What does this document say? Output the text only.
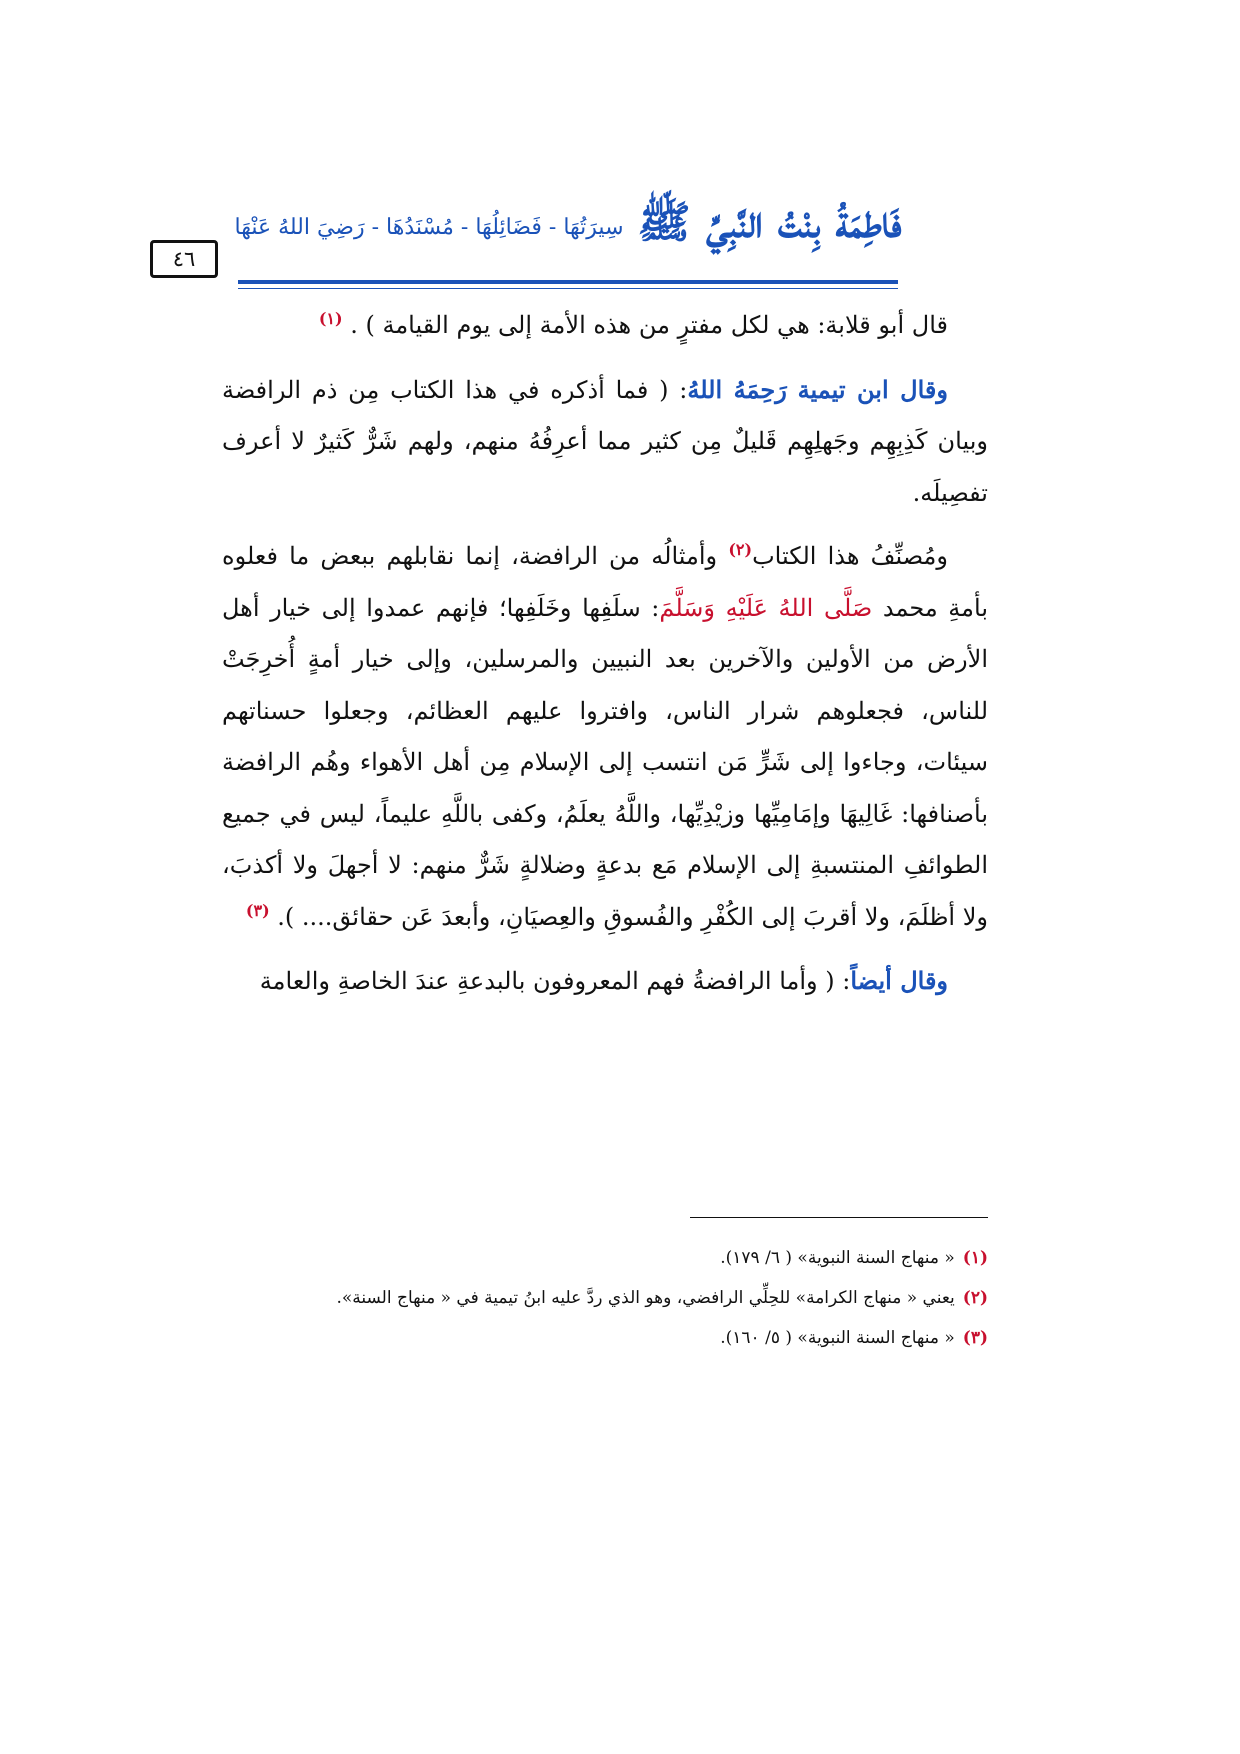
٤٦
فَاطِمَةُ بِنْتُ النَّبِيِّ ﷺ
سِيرَتُهَا - فَضَائِلُهَا - مُسْنَدُهَا - رَضِيَ اللهُ عَنْهَا

قال أبو قلابة: هي لكل مفترٍ من هذه الأمة إلى يوم القيامة ) . $^{(١)}$

وقال ابن تيمية رَحِمَهُ اللهُ: ( فما أذكره في هذا الكتاب مِن ذم الرافضة وبيان كَذِبِهِم وجَهلِهِم قَليلٌ مِن كثير مما أعرِفُهُ منهم، ولهم شَرٌّ كَثيرٌ لا أعرف تفصِيلَه.

ومُصنِّفُ هذا الكتاب$^{(٢)}$ وأمثالُه من الرافضة، إنما نقابلهم ببعض ما فعلوه بأمةِ محمد صَلَّى اللهُ عَلَيْهِ وَسَلَّمَ: سلَفِها وخَلَفِها؛ فإنهم عمدوا إلى خيار أهل الأرض من الأولين والآخرين بعد النبيين والمرسلين، وإلى خيار أمةٍ أُخرِجَتْ للناس، فجعلوهم شرار الناس، وافتروا عليهم العظائم، وجعلوا حسناتهم سيئات، وجاءوا إلى شَرٍّ مَن انتسب إلى الإسلام مِن أهل الأهواء وهُم الرافضة بأصنافها: غَالِيهَا وإمَامِيِّها وزيْدِيِّها، واللَّهُ يعلَمُ، وكفى باللَّهِ عليماً، ليس في جميع الطوائفِ المنتسبةِ إلى الإسلام مَع بدعةٍ وضلالةٍ شَرٌّ منهم: لا أجهلَ ولا أكذبَ، ولا أظلَمَ، ولا أقربَ إلى الكُفْرِ والفُسوقِ والعِصيَانِ، وأبعدَ عَن حقائق.... ). $^{(٣)}$

وقال أيضاً: ( وأما الرافضةُ فهم المعروفون بالبدعةِ عندَ الخاصةِ والعامة

(١)« منهاج السنة النبوية» ( ٦/ ١٧٩).

(٢)يعني « منهاج الكرامة» للحِلِّي الرافضي، وهو الذي ردَّ عليه ابنُ تيمية في « منهاج السنة».

(٣)« منهاج السنة النبوية» ( ٥/ ١٦٠).
